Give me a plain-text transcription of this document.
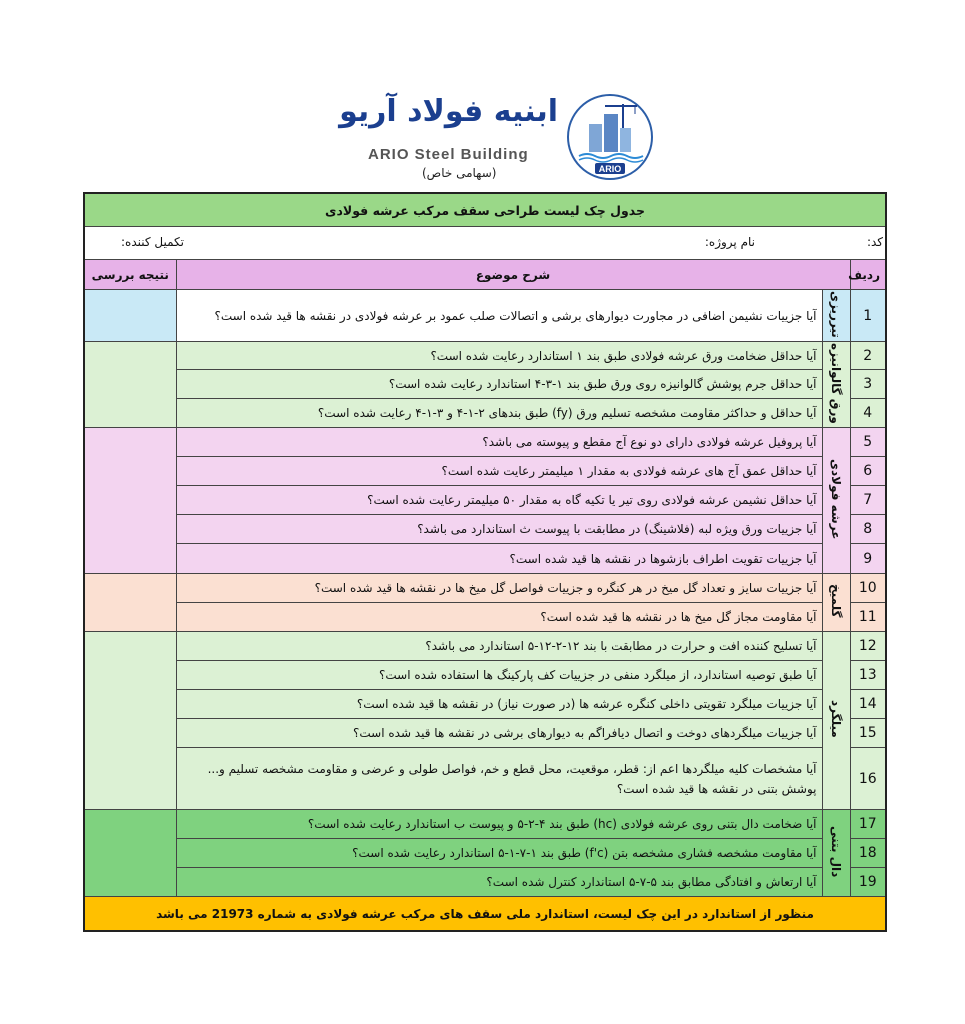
ابنیه فولاد آریو
ARIO Steel Building
(سهامی خاص)	ARIO
جدول چک لیست طراحی سقف مرکب عرشه فولادی			

کد:
نام پروژه:
تکمیل کننده:			

ردیف	شرح موضوع		نتیجه بررسی
1	تیرریزی	آیا جزییات نشیمن اضافی در مجاورت دیوارهای برشی و اتصالات صلب عمود بر عرشه فولادی در نقشه ها قید شده است؟	
2	ورق گالوانیزه	آیا حداقل ضخامت ورق عرشه فولادی طبق بند ۱ استاندارد رعایت شده است؟	
3		آیا حداقل جرم پوشش گالوانیزه روی ورق طبق بند ۱-۳-۴ استاندارد رعایت شده است؟	
4		آیا حداقل و حداکثر مقاومت مشخصه تسلیم ورق (fy) طبق بندهای ۲-۱-۴ و ۳-۱-۴ رعایت شده است؟	
5	عرشه فولادی	آیا پروفیل عرشه فولادی دارای دو نوع آج مقطع و پیوسته می باشد؟	
6		آیا حداقل عمق آج های عرشه فولادی به مقدار ۱ میلیمتر رعایت شده است؟	
7		آیا حداقل نشیمن عرشه فولادی روی تیر یا تکیه گاه به مقدار ۵۰ میلیمتر رعایت شده است؟	
8		آیا جزییات ورق ویژه لبه (فلاشینگ) در مطابقت با پیوست ث استاندارد می باشد؟	
9		آیا جزییات تقویت اطراف بازشوها در نقشه ها قید شده است؟	
10	گلمیخ	آیا جزییات سایز و تعداد گل میخ در هر کنگره و جزییات فواصل گل میخ ها در نقشه ها قید شده است؟	
11		آیا مقاومت مجاز گل میخ ها در نقشه ها قید شده است؟	
12	میلگرد	آیا تسلیح کننده افت و حرارت در مطابقت با بند ۱۲-۲-۱۲-۵ استاندارد می باشد؟	
13		آیا طبق توصیه استاندارد، از میلگرد منفی در جزییات کف پارکینگ ها استفاده شده است؟	
14		آیا جزییات میلگرد تقویتی داخلی کنگره عرشه ها (در صورت نیاز) در نقشه ها قید شده است؟	
15		آیا جزییات میلگردهای دوخت و اتصال دیافراگم به دیوارهای برشی در نقشه ها قید شده است؟	
16		آیا مشخصات کلیه میلگردها اعم از: قطر، موقعیت، محل قطع و خم، فواصل طولی و عرضی و مقاومت مشخصه تسلیم و...
پوشش بتنی در نقشه ها قید شده است؟	

17	دال بتنی	آیا ضخامت دال بتنی روی عرشه فولادی (hc) طبق بند ۴-۲-۵ و پیوست ب استاندارد رعایت شده است؟	
18		آیا مقاومت مشخصه فشاری مشخصه بتن (f'c) طبق بند ۱-۷-۱-۵ استاندارد رعایت شده است؟	
19		آیا ارتعاش و افتادگی مطابق بند ۵-۷-۵ استاندارد کنترل شده است؟	
منظور از استاندارد در این چک لیست، استاندارد ملی سقف های مرکب عرشه فولادی به شماره 21973 می باشد			
